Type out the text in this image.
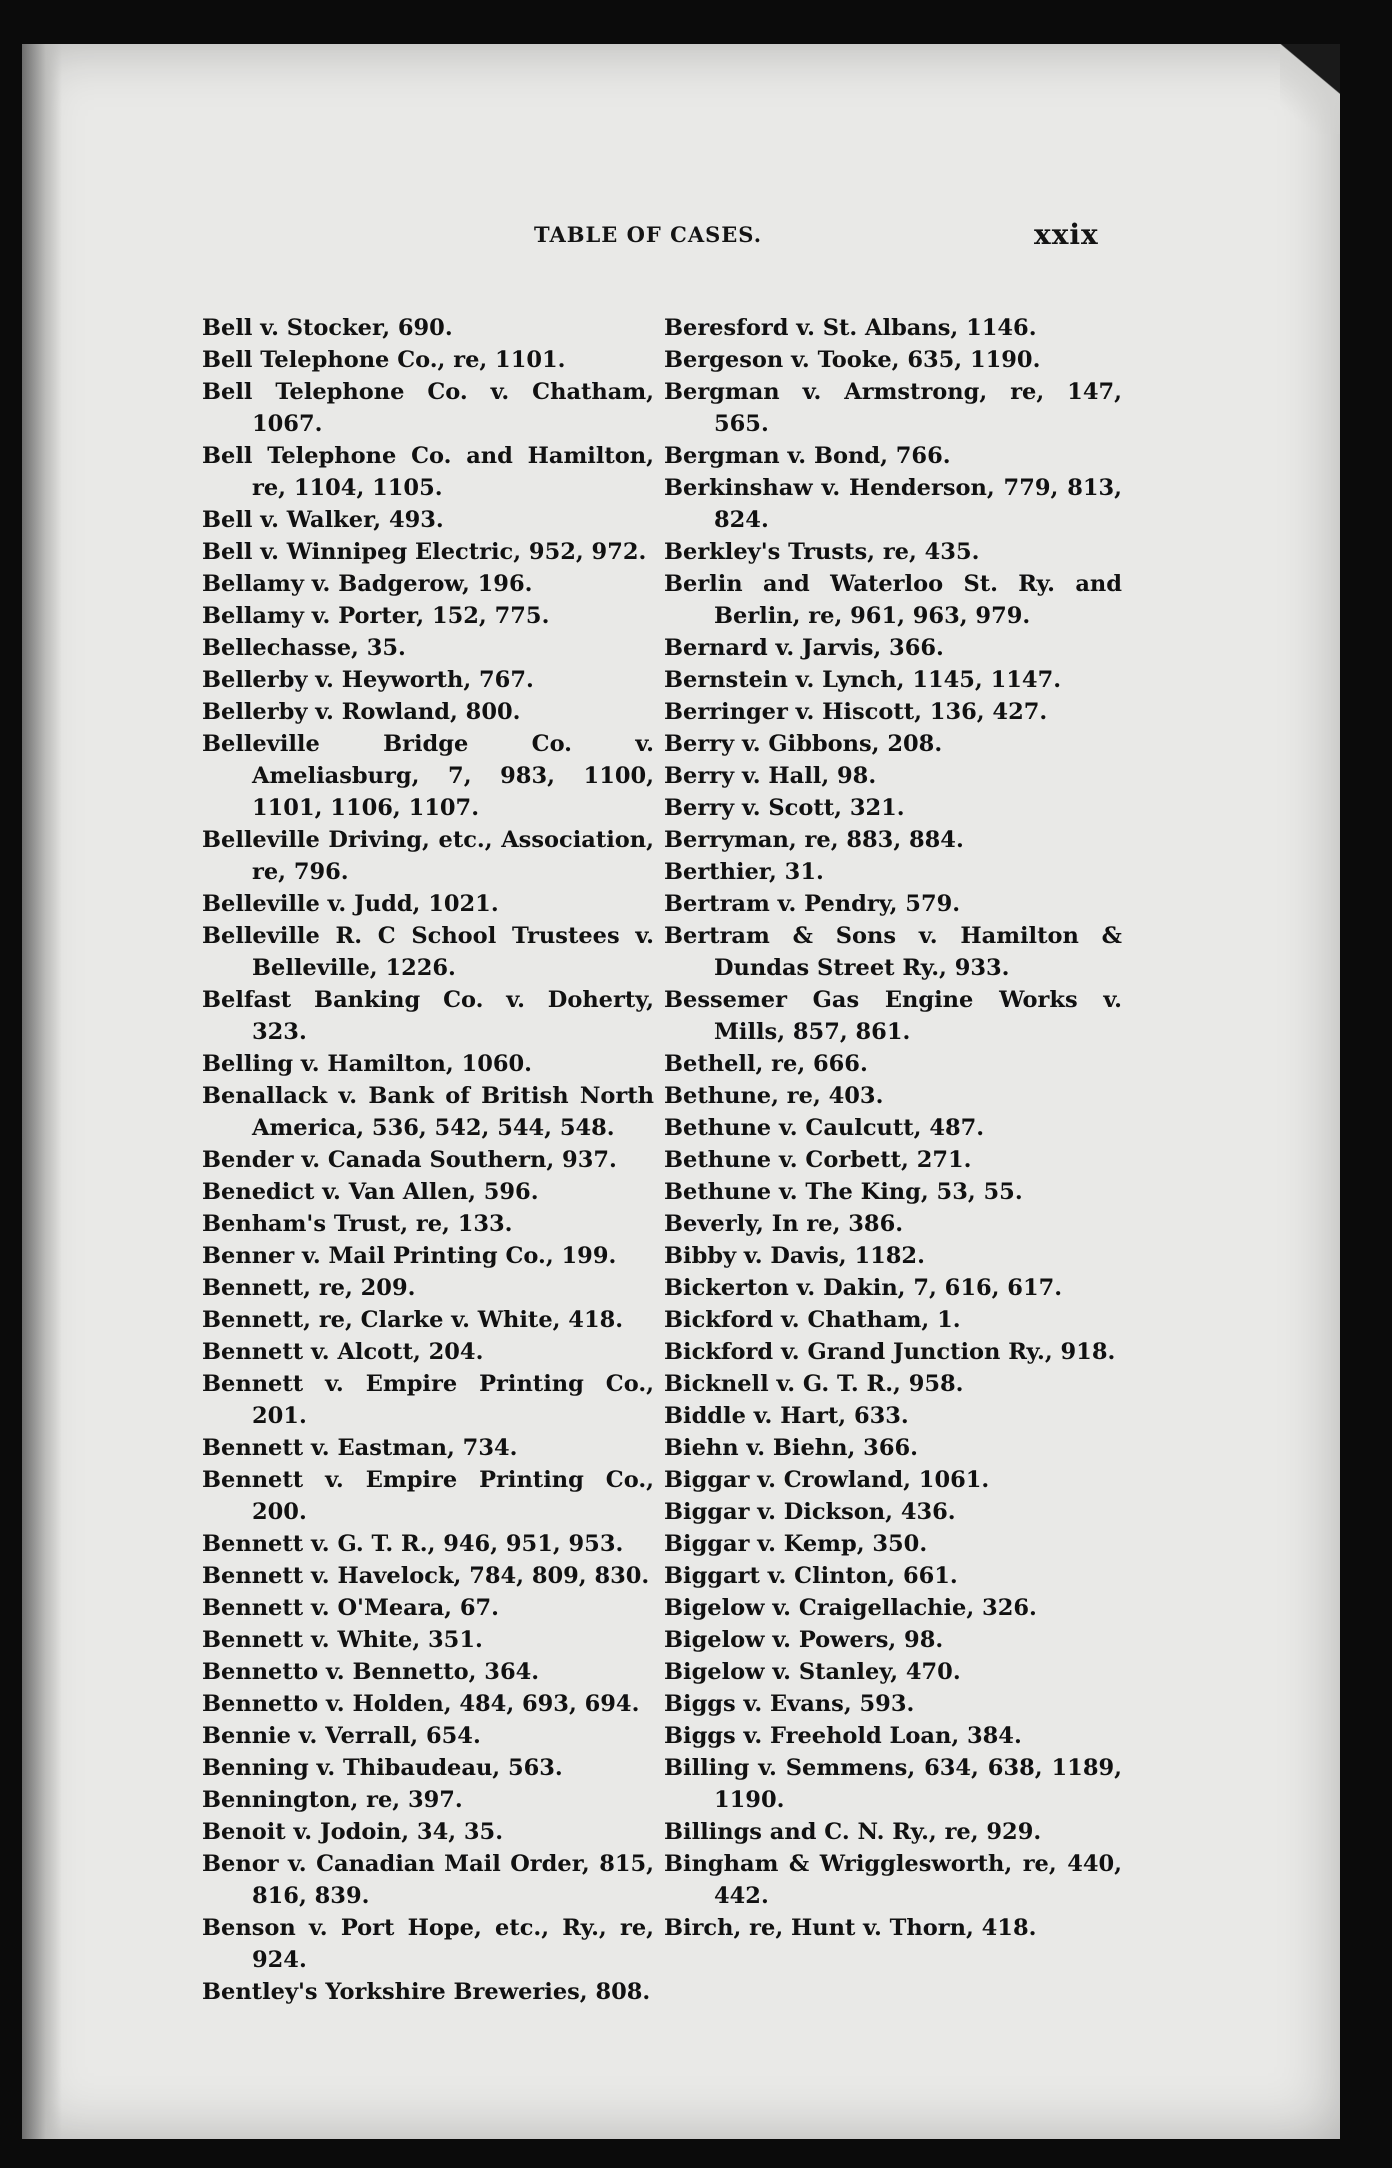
TABLE OF CASES.	xxix

Bell v. Stocker, 690.

Bell Telephone Co., re, 1101.

Bell Telephone Co. v. Chatham, 1067.

Bell Telephone Co. and Hamilton, re, 1104, 1105.

Bell v. Walker, 493.

Bell v. Winnipeg Electric, 952, 972.

Bellamy v. Badgerow, 196.

Bellamy v. Porter, 152, 775.

Bellechasse, 35.

Bellerby v. Heyworth, 767.

Bellerby v. Rowland, 800.

Belleville Bridge Co. v. Ameliasburg, 7, 983, 1100, 1101, 1106, 1107.

Belleville Driving, etc., Association, re, 796.

Belleville v. Judd, 1021.

Belleville R. C School Trustees v. Belleville, 1226.

Belfast Banking Co. v. Doherty, 323.

Belling v. Hamilton, 1060.

Benallack v. Bank of British North America, 536, 542, 544, 548.

Bender v. Canada Southern, 937.

Benedict v. Van Allen, 596.

Benham's Trust, re, 133.

Benner v. Mail Printing Co., 199.

Bennett, re, 209.

Bennett, re, Clarke v. White, 418.

Bennett v. Alcott, 204.

Bennett v. Empire Printing Co., 201.

Bennett v. Eastman, 734.

Bennett v. Empire Printing Co., 200.

Bennett v. G. T. R., 946, 951, 953.

Bennett v. Havelock, 784, 809, 830.

Bennett v. O'Meara, 67.

Bennett v. White, 351.

Bennetto v. Bennetto, 364.

Bennetto v. Holden, 484, 693, 694.

Bennie v. Verrall, 654.

Benning v. Thibaudeau, 563.

Bennington, re, 397.

Benoit v. Jodoin, 34, 35.

Benor v. Canadian Mail Order, 815, 816, 839.

Benson v. Port Hope, etc., Ry., re, 924.

Bentley's Yorkshire Breweries, 808.

Beresford v. St. Albans, 1146.

Bergeson v. Tooke, 635, 1190.

Bergman v. Armstrong, re, 147, 565.

Bergman v. Bond, 766.

Berkinshaw v. Henderson, 779, 813, 824.

Berkley's Trusts, re, 435.

Berlin and Waterloo St. Ry. and Berlin, re, 961, 963, 979.

Bernard v. Jarvis, 366.

Bernstein v. Lynch, 1145, 1147.

Berringer v. Hiscott, 136, 427.

Berry v. Gibbons, 208.

Berry v. Hall, 98.

Berry v. Scott, 321.

Berryman, re, 883, 884.

Berthier, 31.

Bertram v. Pendry, 579.

Bertram & Sons v. Hamilton & Dundas Street Ry., 933.

Bessemer Gas Engine Works v. Mills, 857, 861.

Bethell, re, 666.

Bethune, re, 403.

Bethune v. Caulcutt, 487.

Bethune v. Corbett, 271.

Bethune v. The King, 53, 55.

Beverly, In re, 386.

Bibby v. Davis, 1182.

Bickerton v. Dakin, 7, 616, 617.

Bickford v. Chatham, 1.

Bickford v. Grand Junction Ry., 918.

Bicknell v. G. T. R., 958.

Biddle v. Hart, 633.

Biehn v. Biehn, 366.

Biggar v. Crowland, 1061.

Biggar v. Dickson, 436.

Biggar v. Kemp, 350.

Biggart v. Clinton, 661.

Bigelow v. Craigellachie, 326.

Bigelow v. Powers, 98.

Bigelow v. Stanley, 470.

Biggs v. Evans, 593.

Biggs v. Freehold Loan, 384.

Billing v. Semmens, 634, 638, 1189, 1190.

Billings and C. N. Ry., re, 929.

Bingham & Wrigglesworth, re, 440, 442.

Birch, re, Hunt v. Thorn, 418.
